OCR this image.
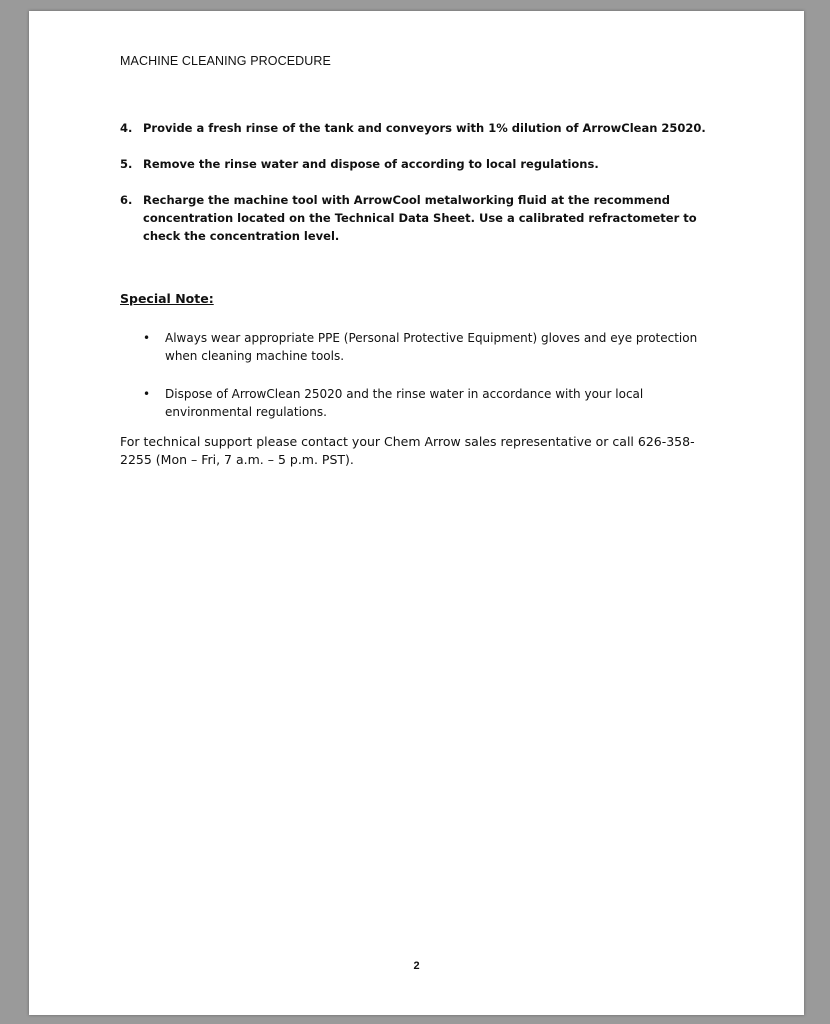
MACHINE CLEANING PROCEDURE
4. Provide a fresh rinse of the tank and conveyors with 1% dilution of ArrowClean 25020.
5. Remove the rinse water and dispose of according to local regulations.
6. Recharge the machine tool with ArrowCool metalworking fluid at the recommend concentration located on the Technical Data Sheet. Use a calibrated refractometer to check the concentration level.
Special Note:
• Always wear appropriate PPE (Personal Protective Equipment) gloves and eye protection when cleaning machine tools.
• Dispose of ArrowClean 25020 and the rinse water in accordance with your local environmental regulations.
For technical support please contact your Chem Arrow sales representative or call 626-358-2255 (Mon – Fri, 7 a.m. – 5 p.m. PST).
2
